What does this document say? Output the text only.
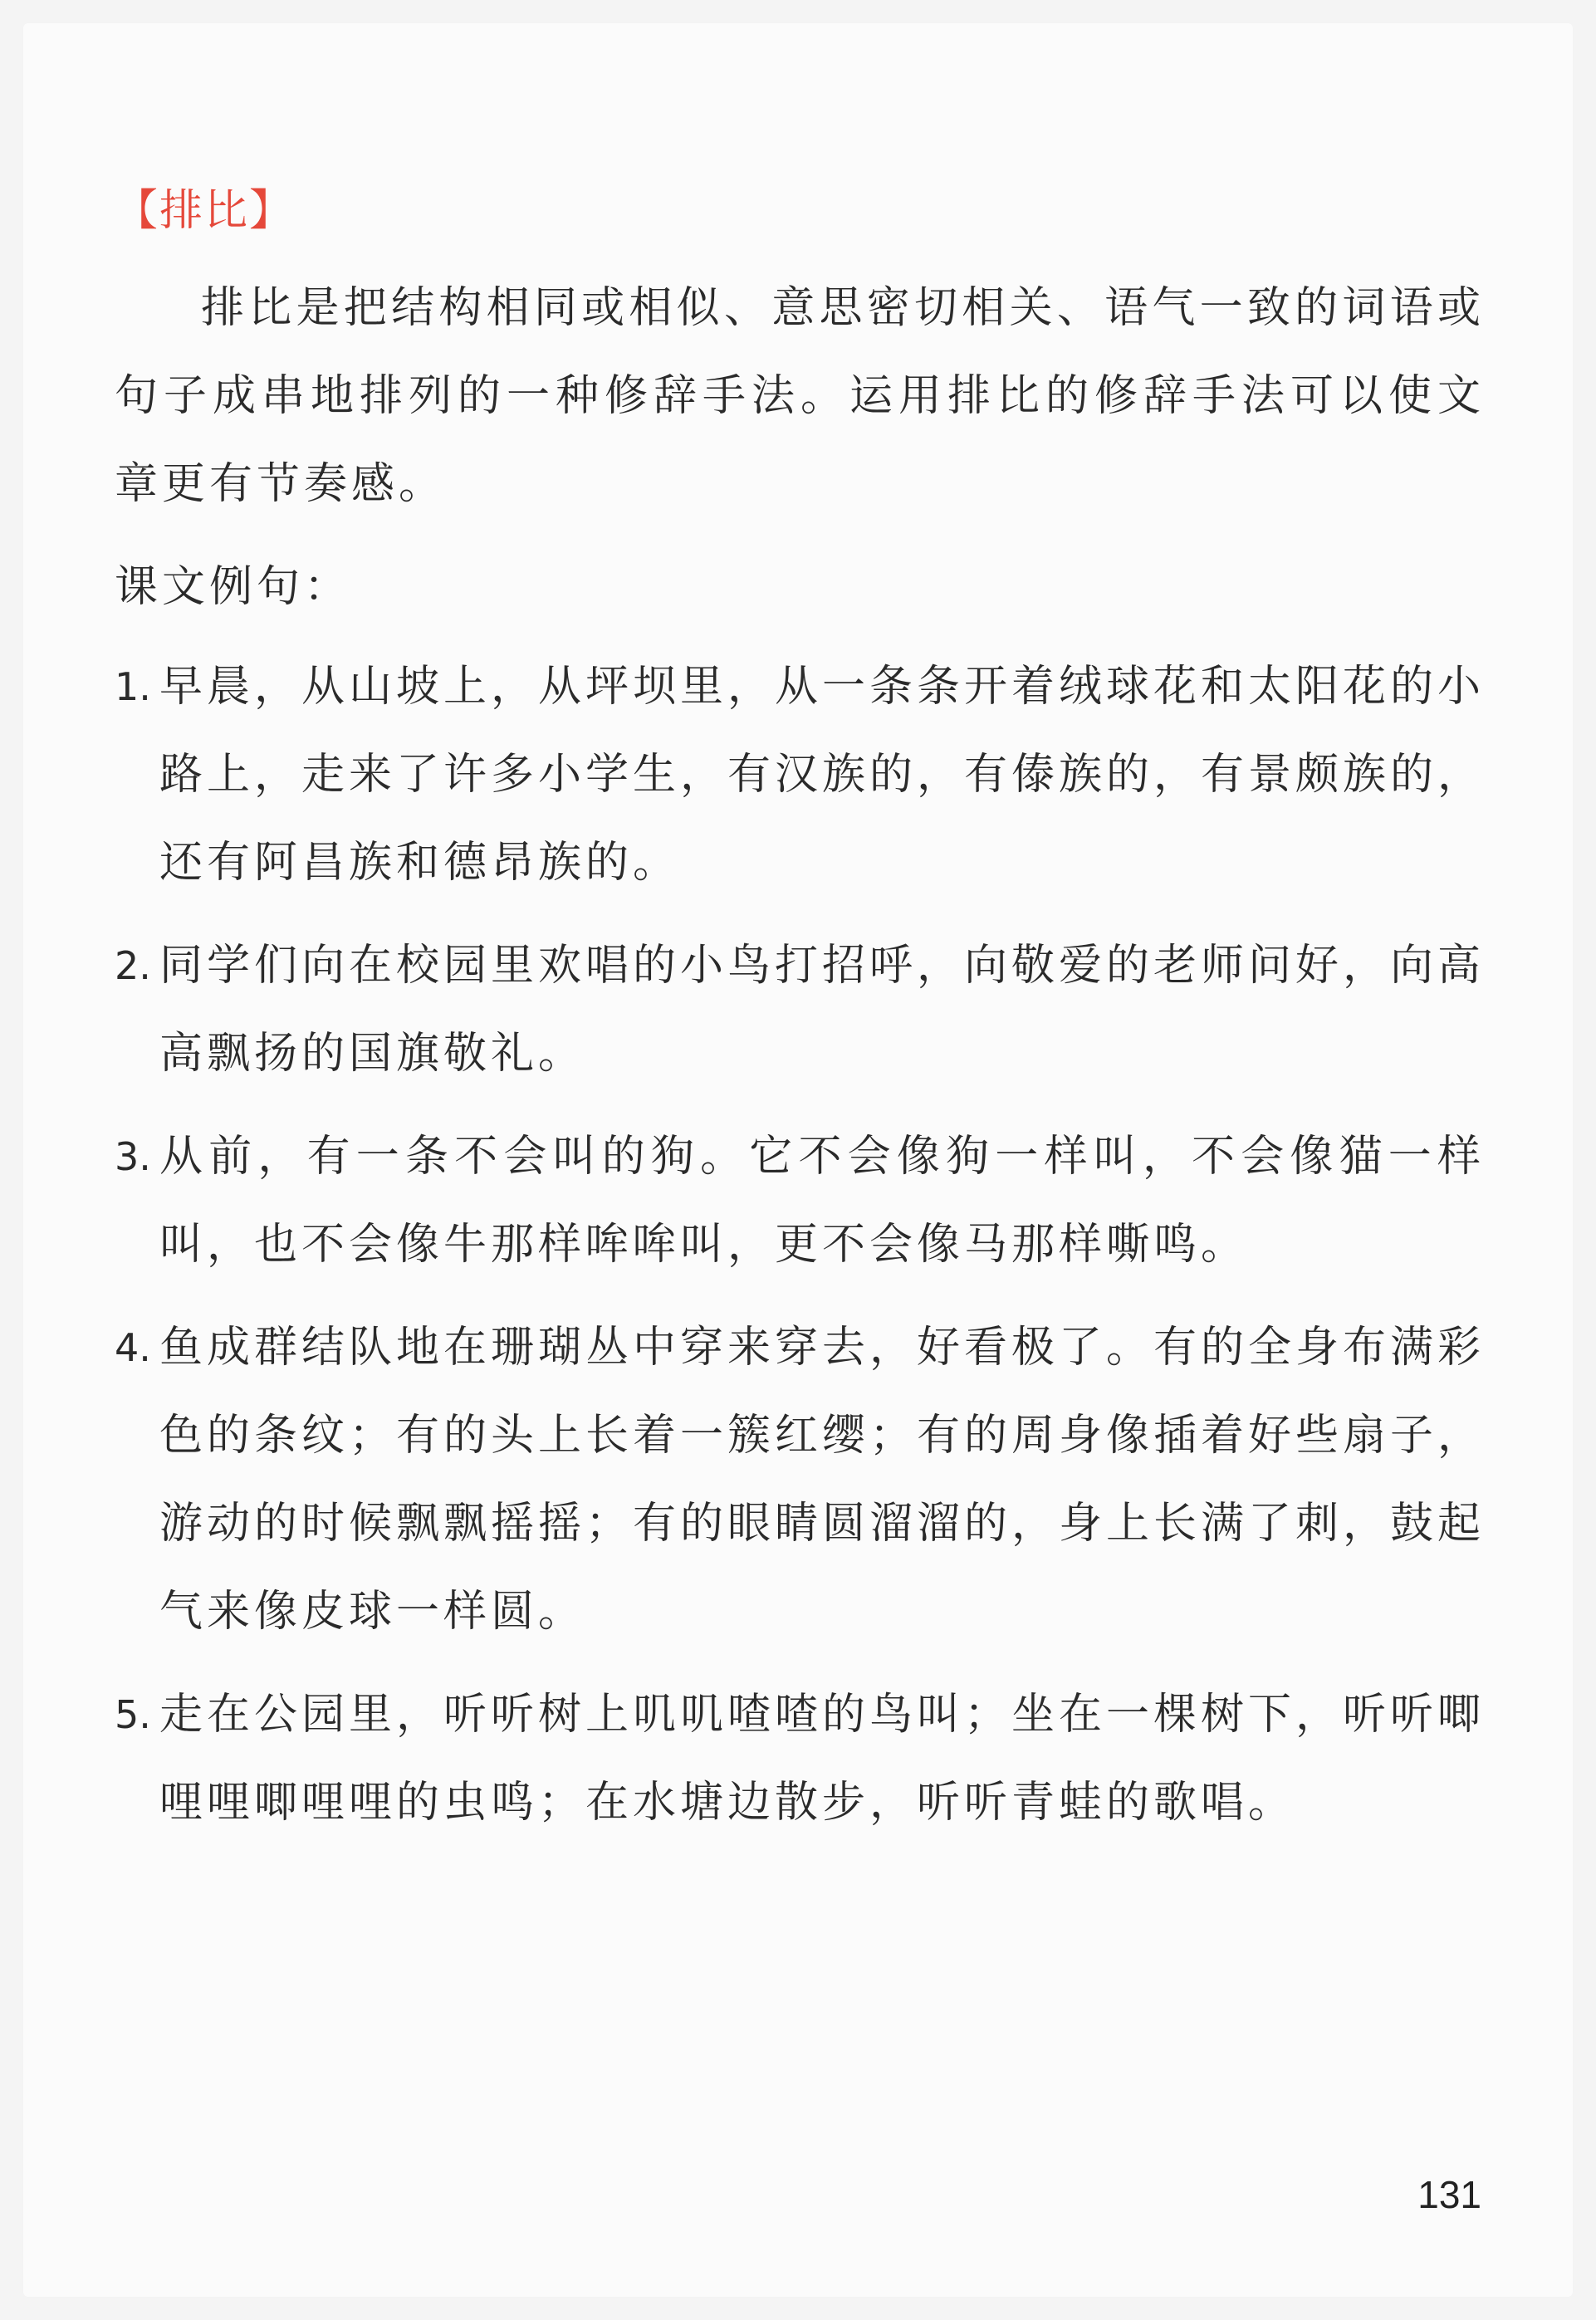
【排比】

排比是把结构相同或相似、意思密切相关、语气一致的词语或句子成串地排列的一种修辞手法。运用排比的修辞手法可以使文章更有节奏感。

课文例句：
1. 早晨，从山坡上，从坪坝里，从一条条开着绒球花和太阳花的小路上，走来了许多小学生，有汉族的，有傣族的，有景颇族的，还有阿昌族和德昂族的。
2. 同学们向在校园里欢唱的小鸟打招呼，向敬爱的老师问好，向高高飘扬的国旗敬礼。
3. 从前，有一条不会叫的狗。它不会像狗一样叫，不会像猫一样叫，也不会像牛那样哞哞叫，更不会像马那样嘶鸣。
4. 鱼成群结队地在珊瑚丛中穿来穿去，好看极了。有的全身布满彩色的条纹；有的头上长着一簇红缨；有的周身像插着好些扇子，游动的时候飘飘摇摇；有的眼睛圆溜溜的，身上长满了刺，鼓起气来像皮球一样圆。
5. 走在公园里，听听树上叽叽喳喳的鸟叫；坐在一棵树下，听听唧哩哩唧哩哩的虫鸣；在水塘边散步，听听青蛙的歌唱。
131
